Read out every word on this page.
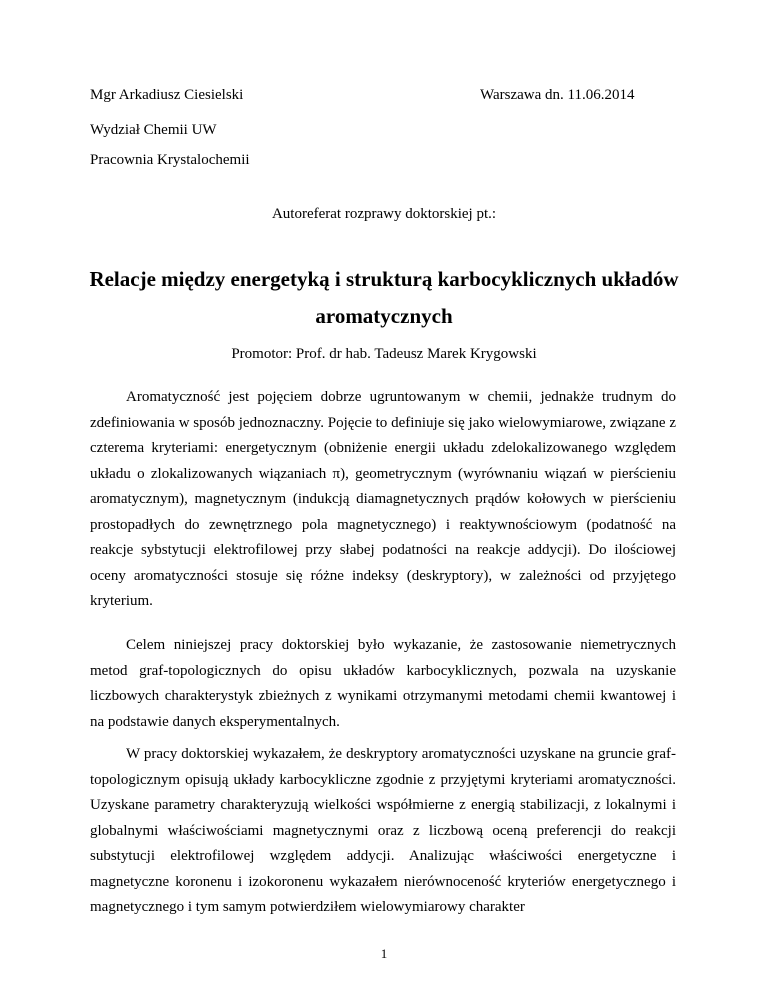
Mgr Arkadiusz Ciesielski	Warszawa dn. 11.06.2014
Wydział Chemii UW
Pracownia Krystalochemii
Autoreferat rozprawy doktorskiej pt.:
Relacje między energetyką i strukturą karbocyklicznych układów aromatycznych
Promotor: Prof. dr hab. Tadeusz Marek Krygowski

Aromatyczność jest pojęciem dobrze ugruntowanym w chemii, jednakże trudnym do zdefiniowania w sposób jednoznaczny. Pojęcie to definiuje się jako wielowymiarowe, związane z czterema kryteriami: energetycznym (obniżenie energii układu zdelokalizowanego względem układu o zlokalizowanych wiązaniach π), geometrycznym (wyrównaniu wiązań w pierścieniu aromatycznym), magnetycznym (indukcją diamagnetycznych prądów kołowych w pierścieniu prostopadłych do zewnętrznego pola magnetycznego) i reaktywnościowym (podatność na reakcje sybstytucji elektrofilowej przy słabej podatności na reakcje addycji). Do ilościowej oceny aromatyczności stosuje się różne indeksy (deskryptory), w zależności od przyjętego kryterium.

Celem niniejszej pracy doktorskiej było wykazanie, że zastosowanie niemetrycznych metod graf-topologicznych do opisu układów karbocyklicznych, pozwala na uzyskanie liczbowych charakterystyk zbieżnych z wynikami otrzymanymi metodami chemii kwantowej i na podstawie danych eksperymentalnych.

W pracy doktorskiej wykazałem, że deskryptory aromatyczności uzyskane na gruncie graf-topologicznym opisują układy karbocykliczne zgodnie z przyjętymi kryteriami aromatyczności. Uzyskane parametry charakteryzują wielkości współmierne z energią stabilizacji, z lokalnymi i globalnymi właściwościami magnetycznymi oraz z liczbową oceną preferencji do reakcji substytucji elektrofilowej względem addycji. Analizując właściwości energetyczne i magnetyczne koronenu i izokoronenu wykazałem nierównoceność kryteriów energetycznego i magnetycznego i tym samym potwierdziłem wielowymiarowy charakter

1
